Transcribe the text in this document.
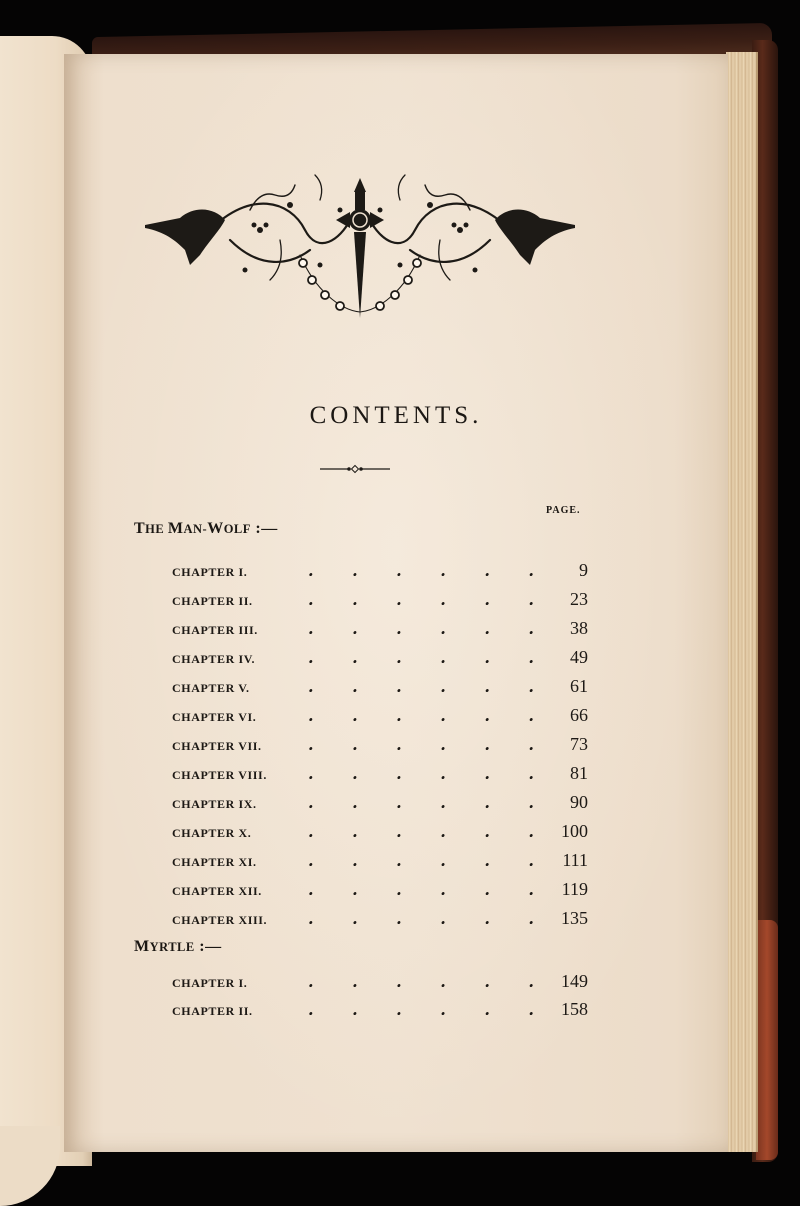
CONTENTS.
PAGE.
THE MAN-WOLF :—
CHAPTER I.	. . . . . .	9
CHAPTER II.	. . . . . .	23
CHAPTER III.	. . . . . .	38
CHAPTER IV.	. . . . . .	49
CHAPTER V.	. . . . . .	61
CHAPTER VI.	. . . . . .	66
CHAPTER VII.	. . . . . .	73
CHAPTER VIII.	. . . . . .	81
CHAPTER IX.	. . . . . .	90
CHAPTER X.	. . . . . .	100
CHAPTER XI.	. . . . . .	111
CHAPTER XII.	. . . . . .	119
CHAPTER XIII.	. . . . . .	135
MYRTLE :—
CHAPTER I.	. . . . . .	149
CHAPTER II.	. . . . . .	158
